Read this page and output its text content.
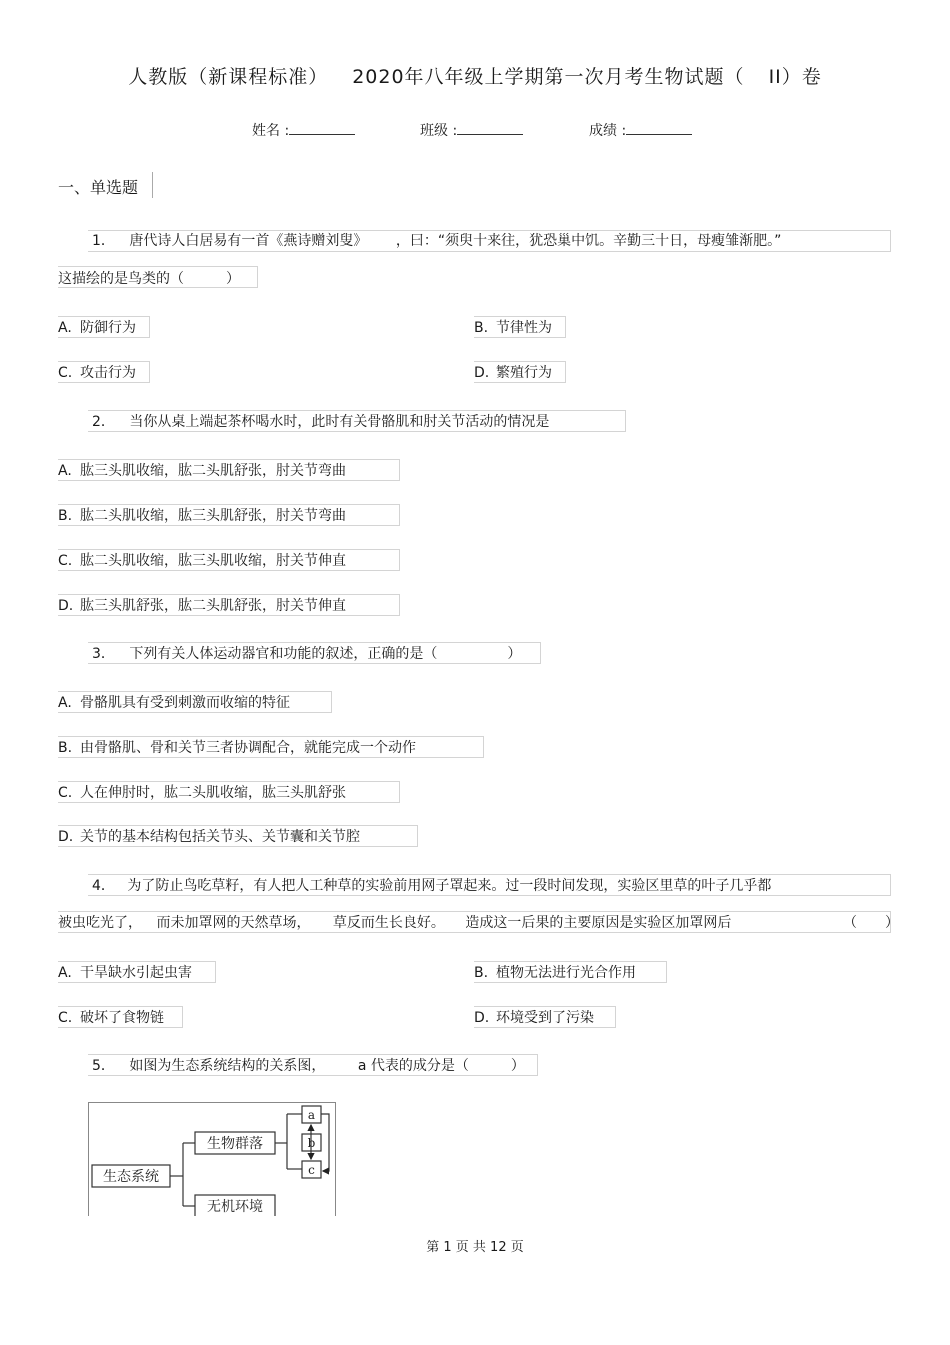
人教版（新课程标准） 2020年八年级上学期第一次月考生物试题（ II）卷
姓名 :	班级 :	成绩 :
一、单选题
1． 唐代诗人白居易有一首《燕诗赠刘叟》 ，曰：“须臾十来往，犹恐巢中饥。辛勤三十日，母瘦雏渐肥。”
这描绘的是鸟类的（　　　）
A. 防御行为	B. 节律性为
C. 攻击行为	D. 繁殖行为
2． 当你从桌上端起茶杯喝水时，此时有关骨骼肌和肘关节活动的情况是
A. 肱三头肌收缩，肱二头肌舒张，肘关节弯曲
B. 肱二头肌收缩，肱三头肌舒张，肘关节弯曲
C. 肱二头肌收缩，肱三头肌收缩，肘关节伸直
D. 肱三头肌舒张，肱二头肌舒张，肘关节伸直
3． 下列有关人体运动器官和功能的叙述，正确的是（　　　　　）
A. 骨骼肌具有受到刺激而收缩的特征
B. 由骨骼肌、骨和关节三者协调配合，就能完成一个动作
C. 人在伸肘时，肱二头肌收缩，肱三头肌舒张
D. 关节的基本结构包括关节头、关节囊和关节腔
4． 为了防止鸟吃草籽，有人把人工种草的实验前用网子罩起来。过一段时间发现，实验区里草的叶子几乎都
被虫吃光了， 而未加罩网的天然草场， 草反而生长良好。 造成这一后果的主要原因是实验区加罩网后	（　　）
A. 干旱缺水引起虫害	B. 植物无法进行光合作用
C. 破坏了食物链	D. 环境受到了污染
5． 如图为生态系统结构的关系图， a 代表的成分是（　　　）
生态系统
生物群落
无机环境
a
b
c
第 1 页 共 12 页
